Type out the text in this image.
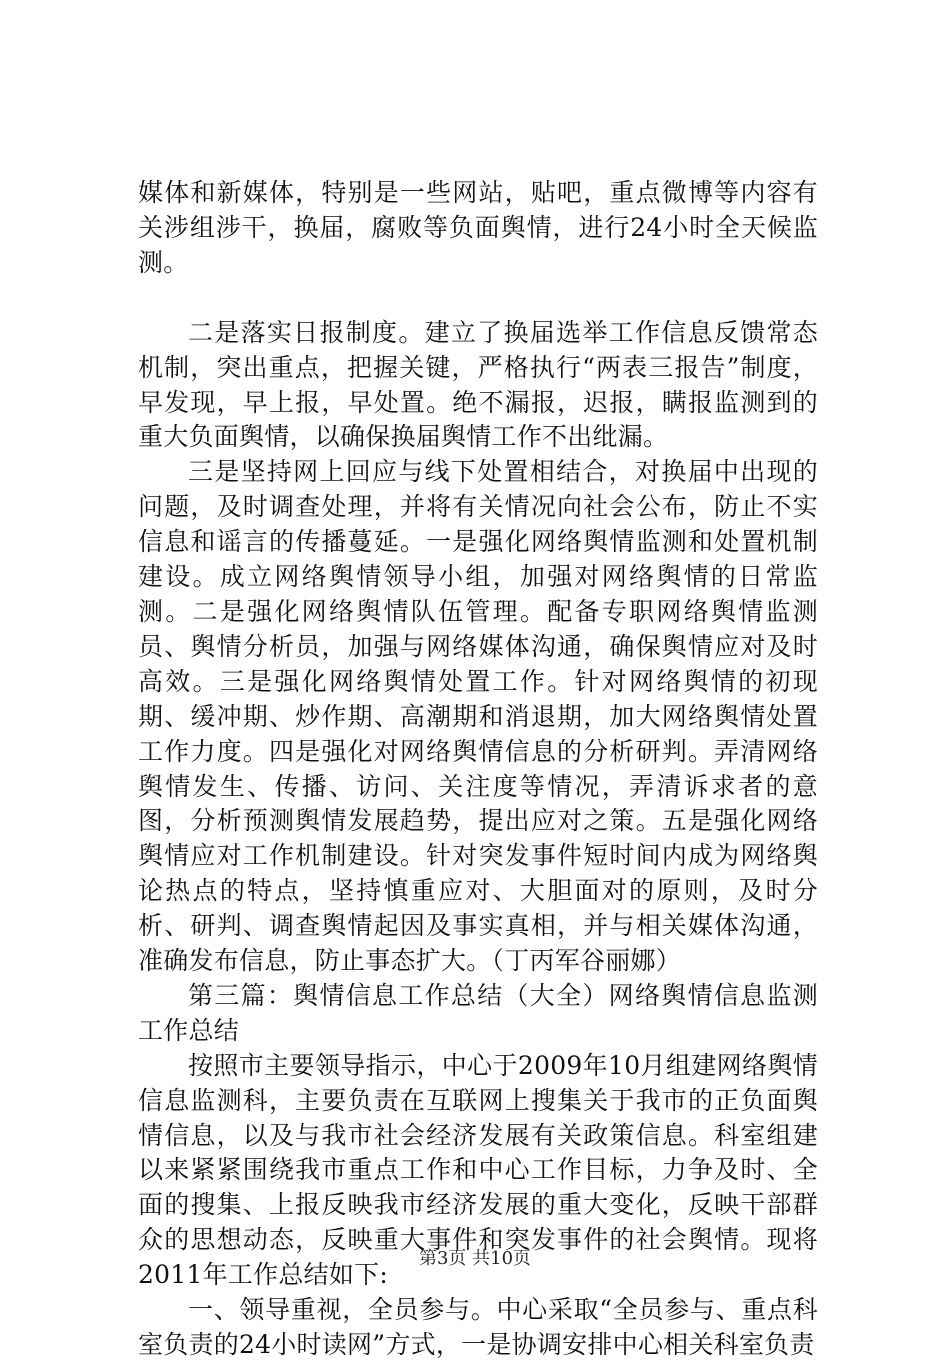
媒体和新媒体，特别是一些网站，贴吧，重点微博等内容有关涉组涉干，换届，腐败等负面舆情，进行24小时全天候监测。

二是落实日报制度。建立了换届选举工作信息反馈常态机制，突出重点，把握关键，严格执行“两表三报告”制度，早发现，早上报，早处置。绝不漏报，迟报，瞒报监测到的重大负面舆情，以确保换届舆情工作不出纰漏。

三是坚持网上回应与线下处置相结合，对换届中出现的问题，及时调查处理，并将有关情况向社会公布，防止不实信息和谣言的传播蔓延。一是强化网络舆情监测和处置机制建设。成立网络舆情领导小组，加强对网络舆情的日常监测。二是强化网络舆情队伍管理。配备专职网络舆情监测员、舆情分析员，加强与网络媒体沟通，确保舆情应对及时高效。三是强化网络舆情处置工作。针对网络舆情的初现期、缓冲期、炒作期、高潮期和消退期，加大网络舆情处置工作力度。四是强化对网络舆情信息的分析研判。弄清网络舆情发生、传播、访问、关注度等情况，弄清诉求者的意图，分析预测舆情发展趋势，提出应对之策。五是强化网络舆情应对工作机制建设。针对突发事件短时间内成为网络舆论热点的特点，坚持慎重应对、大胆面对的原则，及时分析、研判、调查舆情起因及事实真相，并与相关媒体沟通，准确发布信息，防止事态扩大。（丁丙军谷丽娜）

第三篇：舆情信息工作总结（大全）网络舆情信息监测工作总结

按照市主要领导指示，中心于2009年10月组建网络舆情信息监测科，主要负责在互联网上搜集关于我市的正负面舆情信息，以及与我市社会经济发展有关政策信息。科室组建以来紧紧围绕我市重点工作和中心工作目标，力争及时、全面的搜集、上报反映我市经济发展的重大变化，反映干部群众的思想动态，反映重大事件和突发事件的社会舆情。现将2011年工作总结如下:

一、领导重视，全员参与。中心采取“全员参与、重点科室负责的24小时读网”方式，一是协调安排中心相关科室负责

第3页 共10页
